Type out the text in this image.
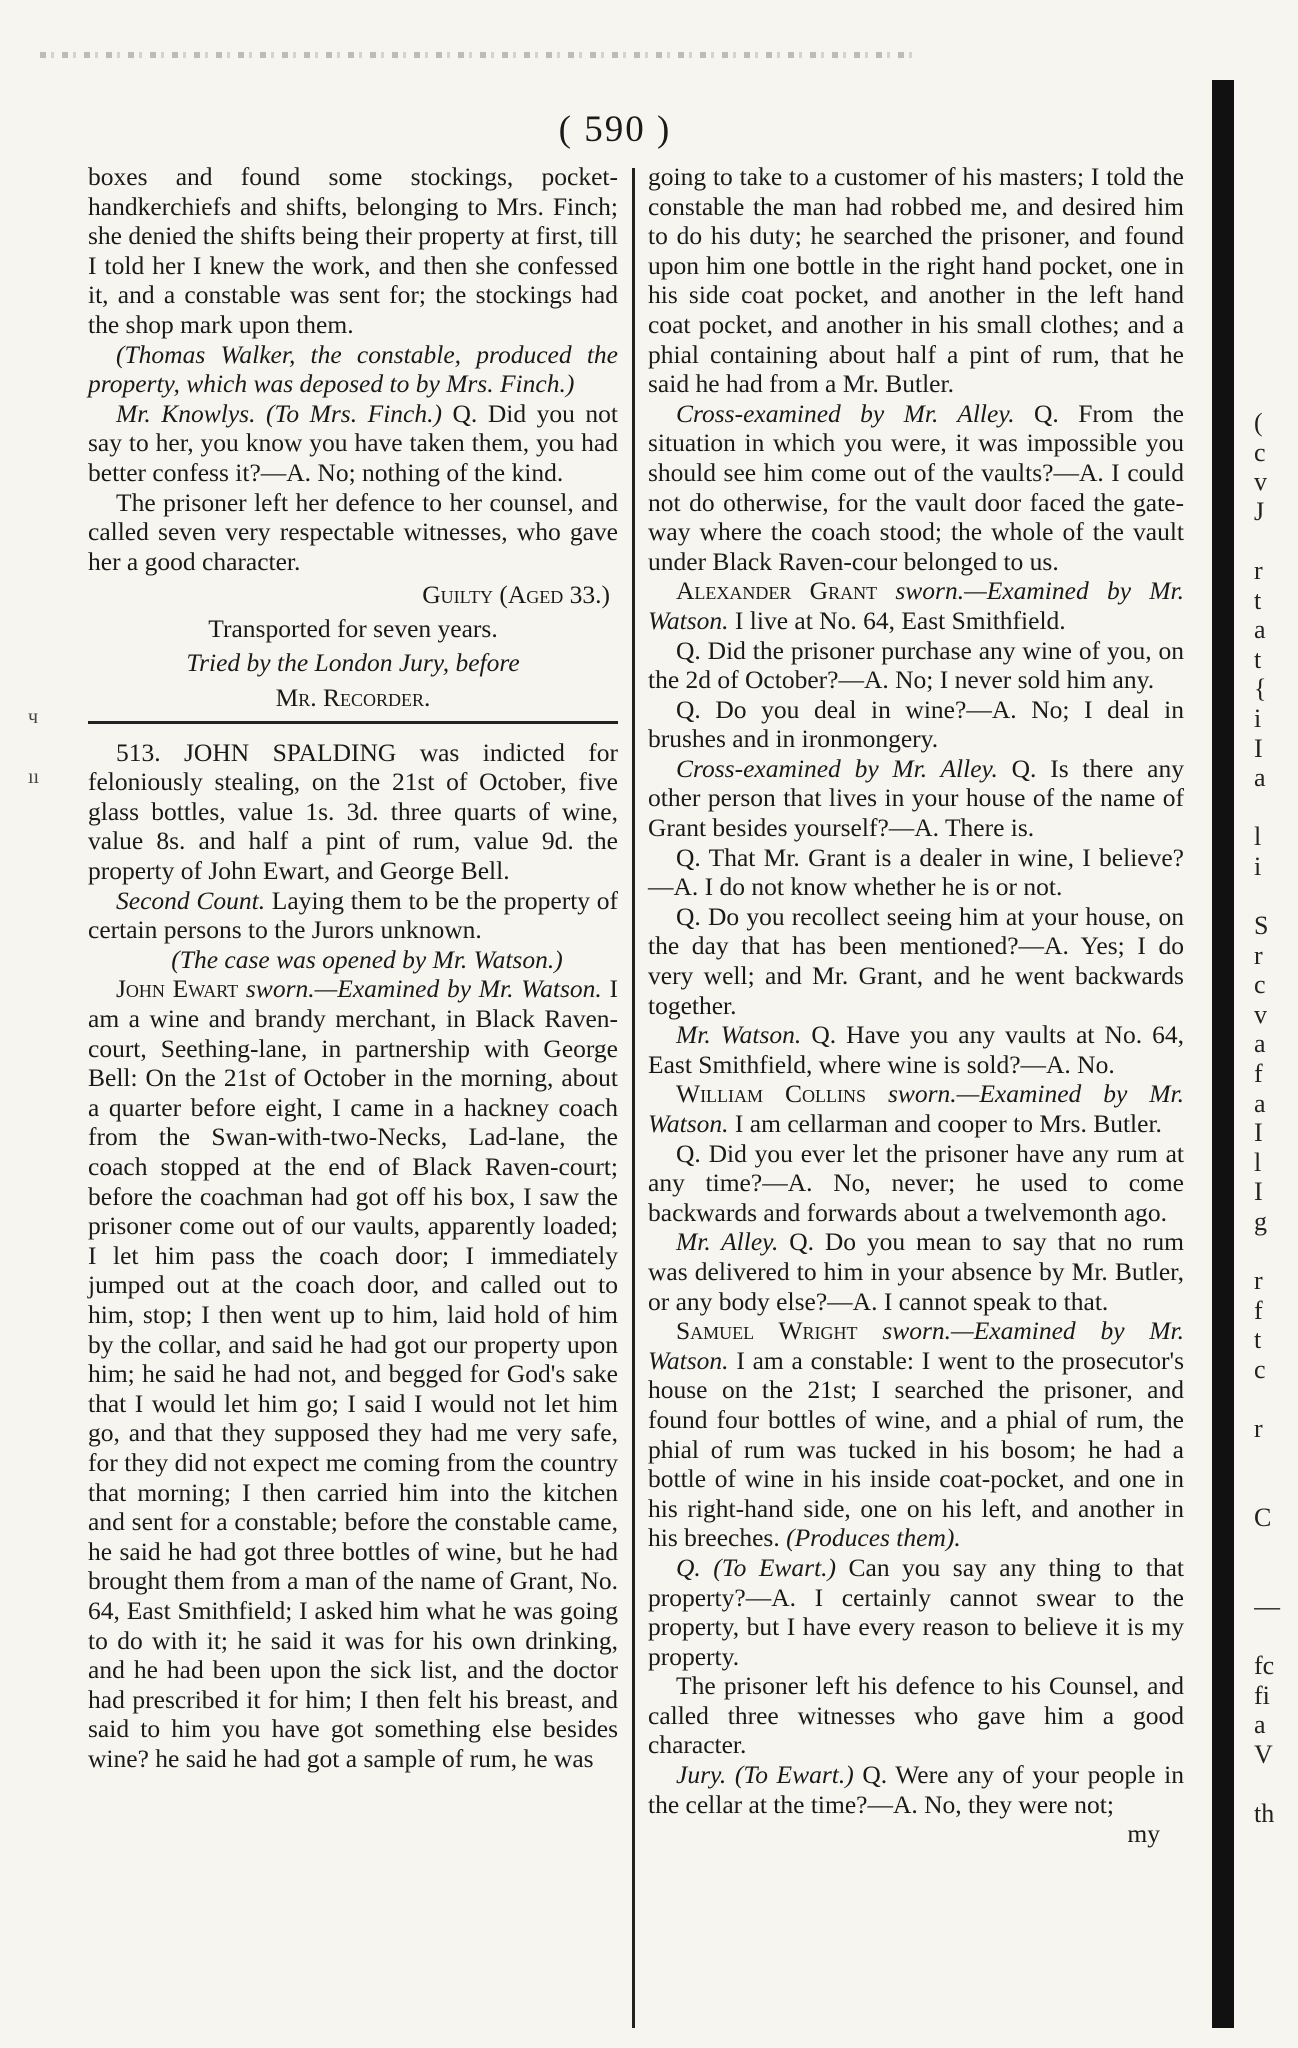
( 590 )
ч
ıı

boxes and found some stockings, pocket-handkerchiefs and shifts, belonging to Mrs. Finch; she denied the shifts being their property at first, till I told her I knew the work, and then she confessed it, and a constable was sent for; the stockings had the shop mark upon them.

(Thomas Walker, the constable, produced the property, which was deposed to by Mrs. Finch.)

Mr. Knowlys. (To Mrs. Finch.) Q. Did you not say to her, you know you have taken them, you had better confess it?—A. No; nothing of the kind.

The prisoner left her defence to her counsel, and called seven very respectable witnesses, who gave her a good character.

Guilty (Aged 33.)

Transported for seven years.

Tried by the London Jury, before

Mr. Recorder.

513. JOHN SPALDING was indicted for feloniously stealing, on the 21st of October, five glass bottles, value 1s. 3d. three quarts of wine, value 8s. and half a pint of rum, value 9d. the property of John Ewart, and George Bell.

Second Count. Laying them to be the property of certain persons to the Jurors unknown.

(The case was opened by Mr. Watson.)

John Ewart sworn.—Examined by Mr. Watson. I am a wine and brandy merchant, in Black Raven-court, Seething-lane, in partnership with George Bell: On the 21st of October in the morning, about a quarter before eight, I came in a hackney coach from the Swan-with-two-Necks, Lad-lane, the coach stopped at the end of Black Raven-court; before the coachman had got off his box, I saw the prisoner come out of our vaults, apparently loaded; I let him pass the coach door; I immediately jumped out at the coach door, and called out to him, stop; I then went up to him, laid hold of him by the collar, and said he had got our property upon him; he said he had not, and begged for God's sake that I would let him go; I said I would not let him go, and that they supposed they had me very safe, for they did not expect me coming from the country that morning; I then carried him into the kitchen and sent for a constable; before the constable came, he said he had got three bottles of wine, but he had brought them from a man of the name of Grant, No. 64, East Smithfield; I asked him what he was going to do with it; he said it was for his own drinking, and he had been upon the sick list, and the doctor had prescribed it for him; I then felt his breast, and said to him you have got something else besides wine? he said he had got a sample of rum, he was

going to take to a customer of his masters; I told the constable the man had robbed me, and desired him to do his duty; he searched the prisoner, and found upon him one bottle in the right hand pocket, one in his side coat pocket, and another in the left hand coat pocket, and another in his small clothes; and a phial containing about half a pint of rum, that he said he had from a Mr. Butler.

Cross-examined by Mr. Alley. Q. From the situation in which you were, it was impossible you should see him come out of the vaults?—A. I could not do otherwise, for the vault door faced the gate-way where the coach stood; the whole of the vault under Black Raven-cour belonged to us.

Alexander Grant sworn.—Examined by Mr. Watson. I live at No. 64, East Smithfield.

Q. Did the prisoner purchase any wine of you, on the 2d of October?—A. No; I never sold him any.

Q. Do you deal in wine?—A. No; I deal in brushes and in ironmongery.

Cross-examined by Mr. Alley. Q. Is there any other person that lives in your house of the name of Grant besides yourself?—A. There is.

Q. That Mr. Grant is a dealer in wine, I believe?—A. I do not know whether he is or not.

Q. Do you recollect seeing him at your house, on the day that has been mentioned?—A. Yes; I do very well; and Mr. Grant, and he went backwards together.

Mr. Watson. Q. Have you any vaults at No. 64, East Smithfield, where wine is sold?—A. No.

William Collins sworn.—Examined by Mr. Watson. I am cellarman and cooper to Mrs. Butler.

Q. Did you ever let the prisoner have any rum at any time?—A. No, never; he used to come backwards and forwards about a twelvemonth ago.

Mr. Alley. Q. Do you mean to say that no rum was delivered to him in your absence by Mr. Butler, or any body else?—A. I cannot speak to that.

Samuel Wright sworn.—Examined by Mr. Watson. I am a constable: I went to the prosecutor's house on the 21st; I searched the prisoner, and found four bottles of wine, and a phial of rum, the phial of rum was tucked in his bosom; he had a bottle of wine in his inside coat-pocket, and one in his right-hand side, one on his left, and another in his breeches. (Produces them).

Q. (To Ewart.) Can you say any thing to that property?—A. I certainly cannot swear to the property, but I have every reason to believe it is my property.

The prisoner left his defence to his Counsel, and called three witnesses who gave him a good character.

Jury. (To Ewart.) Q. Were any of your people in the cellar at the time?—A. No, they were not;

my

(
c
v
J
r
t
a
t
{
i
I
a
l
i
S
r
c
v
a
f
a
I
l
I
g
r
f
t
c
r
C
—
fc
fi
a
V
th
